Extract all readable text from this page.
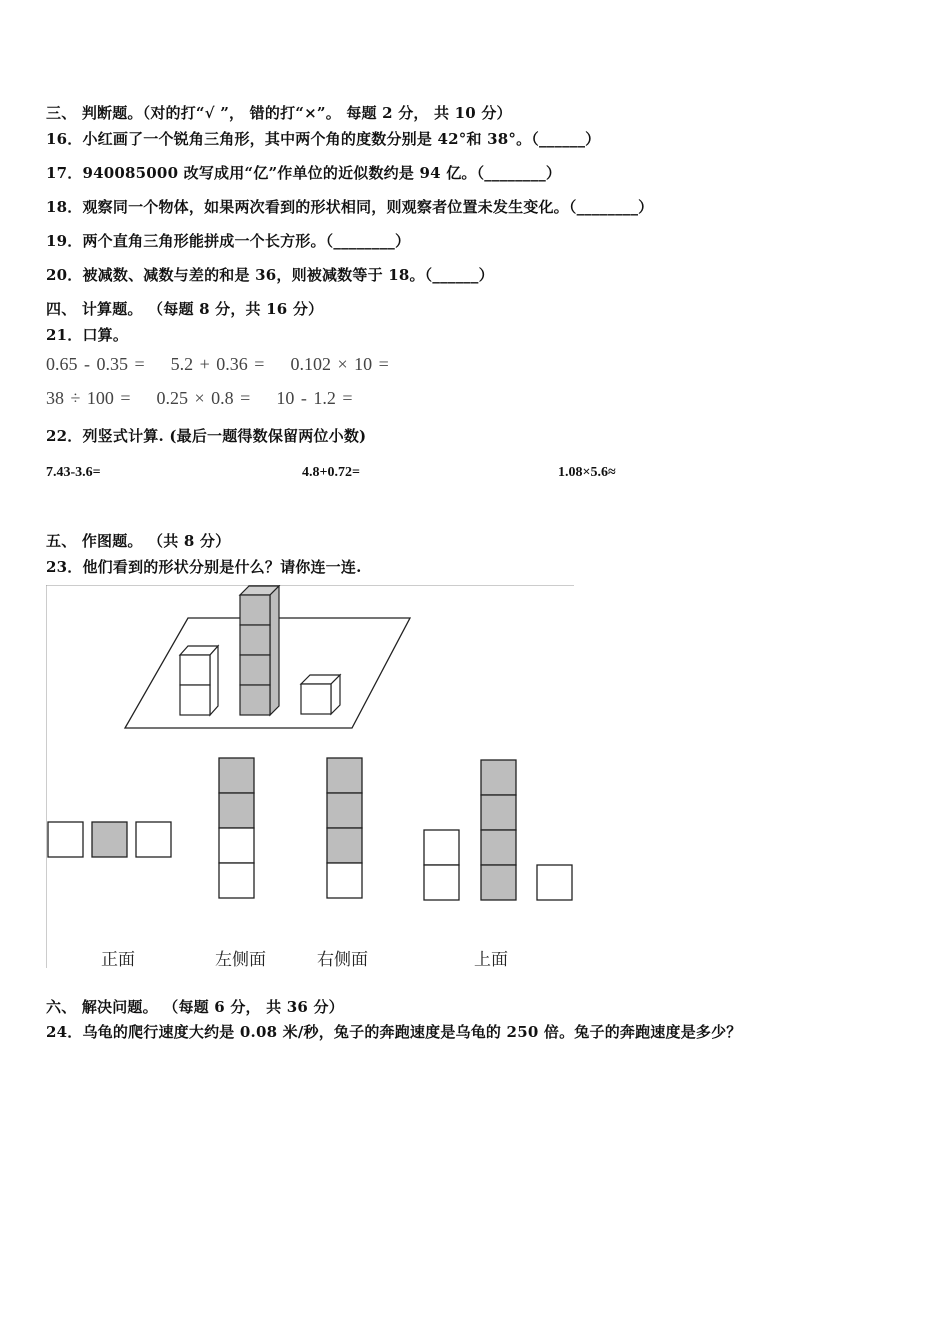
三、 判断题。（对的打“√ ”， 错的打“×”。 每题 2 分， 共 10 分）
16．小红画了一个锐角三角形，其中两个角的度数分别是 42°和 38°。（______）
17．940085000 改写成用“亿”作单位的近似数约是 94 亿。（________）
18．观察同一个物体，如果两次看到的形状相同，则观察者位置未发生变化。（________）
19．两个直角三角形能拼成一个长方形。（________）
20．被减数、减数与差的和是 36，则被减数等于 18。（______）
四、 计算题。 （每题 8 分，共 16 分）
21．口算。
0.65 - 0.35 =    5.2 + 0.36 =    0.102 × 10 =
38 ÷ 100 =    0.25 × 0.8 =    10 - 1.2 =
22．列竖式计算. (最后一题得数保留两位小数)
7.43-3.6=	4.8+0.72=	1.08×5.6≈
五、 作图题。 （共 8 分）
23．他们看到的形状分别是什么？请你连一连.
正面	左侧面	右侧面	上面
六、 解决问题。 （每题 6 分， 共 36 分）
24．乌龟的爬行速度大约是 0.08 米/秒，兔子的奔跑速度是乌龟的 250 倍。兔子的奔跑速度是多少？
